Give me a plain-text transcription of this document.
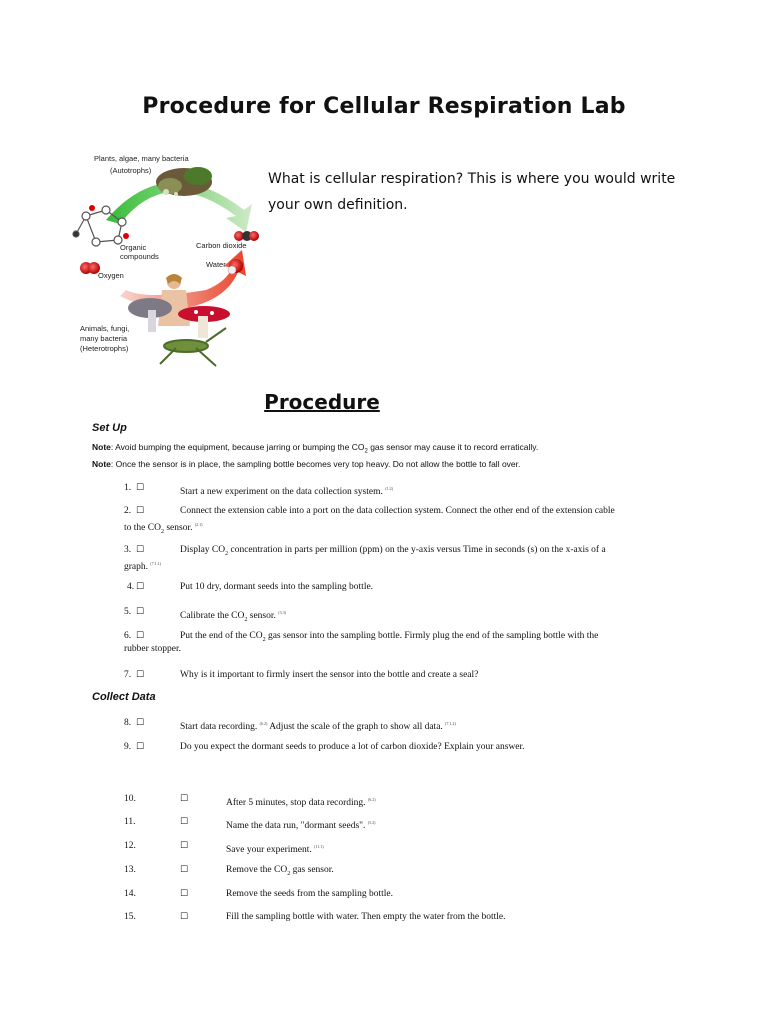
Procedure for Cellular Respiration Lab
Plants, algae, many bacteria
(Autotrophs)
Organic
compounds
Carbon dioxide
Water
Oxygen
Animals, fungi,
many bacteria
(Heterotrophs)
What is cellular respiration? This is where you would write your own definition.
Procedure
Set Up
Note: Avoid bumping the equipment, because jarring or bumping the $CO_2$ gas sensor may cause it to record erratically.
Note: Once the sensor is in place, the sampling bottle becomes very top heavy. Do not allow the bottle to fall over.
1. ☐	Start a new experiment on the data collection system. $^{(1.2)}$
2. ☐	Connect the extension cable into a port on the data collection system. Connect the other end of the extension cable
to the $CO_2$ sensor. $^{(2.1)}$
3. ☐	Display $CO_2$ concentration in parts per million (ppm) on the y-axis versus Time in seconds (s) on the x-axis of a
graph. $^{(7.1.1)}$
4. ☐	Put 10 dry, dormant seeds into the sampling bottle.
5. ☐	Calibrate the $CO_2$ sensor. $^{(3.3)}$
6. ☐	Put the end of the $CO_2$ gas sensor into the sampling bottle. Firmly plug the end of the sampling bottle with the
rubber stopper.
7. ☐	Why is it important to firmly insert the sensor into the bottle and create a seal?
Collect Data
8. ☐	Start data recording. $^{(6.2)}$ Adjust the scale of the graph to show all data. $^{(7.1.2)}$
9. ☐	Do you expect the dormant seeds to produce a lot of carbon dioxide? Explain your answer.
10.	☐	After 5 minutes, stop data recording. $^{(6.2)}$
11.	☐	Name the data run, "dormant seeds". $^{(5.2)}$
12.	☐	Save your experiment. $^{(11.1)}$
13.	☐	Remove the $CO_2$ gas sensor.
14.	☐	Remove the seeds from the sampling bottle.
15.	☐	Fill the sampling bottle with water. Then empty the water from the bottle.
